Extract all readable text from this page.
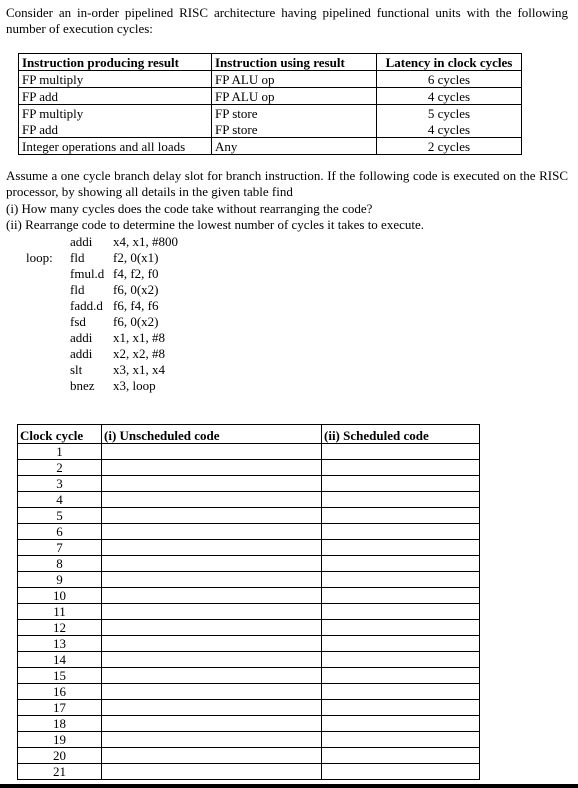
Consider an in-order pipelined RISC architecture having pipelined functional units with the following number of execution cycles:

Instruction producing result	Instruction using result	Latency in clock cycles
FP multiply	FP ALU op	6 cycles
FP add	FP ALU op	4 cycles
FP multiply	FP store	5 cycles
FP add	FP store	4 cycles
Integer operations and all loads	Any	2 cycles

Assume a one cycle branch delay slot for branch instruction. If the following code is executed on the RISC processor, by showing all details in the given table find

(i) How many cycles does the code take without rearranging the code?
(ii) Rearrange code to determine the lowest number of cycles it takes to execute.
addi x4, x1, #800
loop: fld f2, 0(x1)
fmul.d f4, f2, f0
fld f6, 0(x2)
fadd.d f6, f4, f6
fsd f6, 0(x2)
addi x1, x1, #8
addi x2, x2, #8
slt x3, x1, x4
bnez x3, loop
Clock cycle	(i) Unscheduled code	(ii) Scheduled code
1		
2		
3		
4		
5		
6		
7		
8		
9		
10		
11		
12		
13		
14		
15		
16		
17		
18		
19		
20		
21		
